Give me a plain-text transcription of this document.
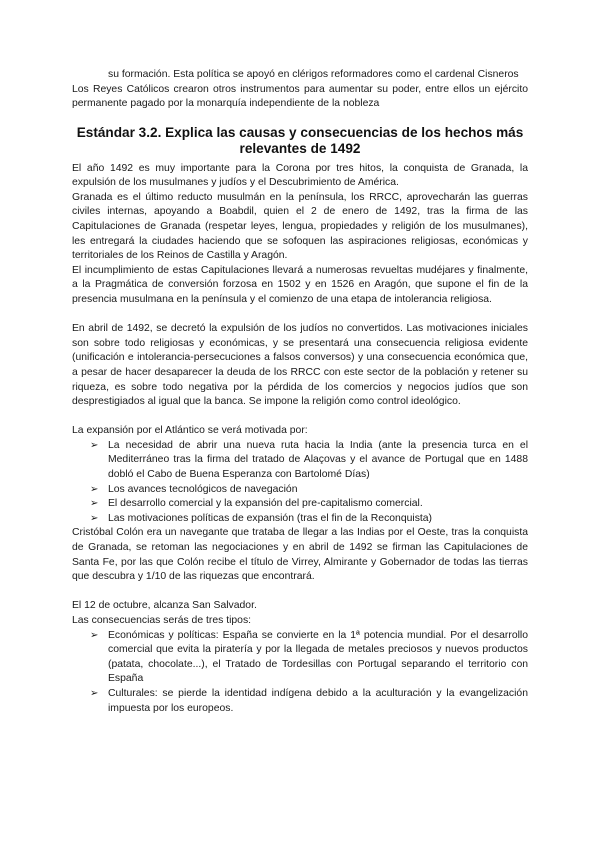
su formación. Esta política se apoyó en clérigos reformadores como el cardenal Cisneros

Los Reyes Católicos crearon otros instrumentos para aumentar su poder, entre ellos un ejército permanente pagado por la monarquía independiente de la nobleza

Estándar 3.2. Explica las causas y consecuencias de los hechos más relevantes de 1492

El año 1492 es muy importante para la Corona por tres hitos, la conquista de Granada, la expulsión de los musulmanes y judíos y el Descubrimiento de América.

Granada es el último reducto musulmán en la península, los RRCC, aprovecharán las guerras civiles internas, apoyando a Boabdil, quien el 2 de enero de 1492, tras la firma de las Capitulaciones de Granada (respetar leyes, lengua, propiedades y religión de los musulmanes), les entregará la ciudades haciendo que se sofoquen las aspiraciones religiosas, económicas y territoriales de los Reinos de Castilla y Aragón.

El incumplimiento de estas Capitulaciones llevará a numerosas revueltas mudéjares y finalmente, a la Pragmática de conversión forzosa en 1502 y en 1526 en Aragón, que supone el fin de la presencia musulmana en la península y el comienzo de una etapa de intolerancia religiosa.

En abril de 1492, se decretó la expulsión de los judíos no convertidos. Las motivaciones iniciales son sobre todo religiosas y económicas, y se presentará una consecuencia religiosa evidente (unificación e intolerancia-persecuciones a falsos conversos) y una consecuencia económica que, a pesar de hacer desaparecer la deuda de los RRCC con este sector de la población y retener su riqueza, es sobre todo negativa por la pérdida de los comercios y negocios judíos que son desprestigiados al igual que la banca. Se impone la religión como control ideológico.

La expansión por el Atlántico se verá motivada por:

➢ La necesidad de abrir una nueva ruta hacia la India (ante la presencia turca en el Mediterráneo tras la firma del tratado de Alaçovas y el avance de Portugal que en 1488 dobló el Cabo de Buena Esperanza con Bartolomé Días)
➢ Los avances tecnológicos de navegación
➢ El desarrollo comercial y la expansión del pre-capitalismo comercial.
➢ Las motivaciones políticas de expansión (tras el fin de la Reconquista)

Cristóbal Colón era un navegante que trataba de llegar a las Indias por el Oeste, tras la conquista de Granada, se retoman las negociaciones y en abril de 1492 se firman las Capitulaciones de Santa Fe, por las que Colón recibe el título de Virrey, Almirante y Gobernador de todas las tierras que descubra y 1/10 de las riquezas que encontrará.

El 12 de octubre, alcanza San Salvador.

Las consecuencias serás de tres tipos:

➢ Económicas y políticas: España se convierte en la 1ª potencia mundial. Por el desarrollo comercial que evita la piratería y por la llegada de metales preciosos y nuevos productos (patata, chocolate...), el Tratado de Tordesillas con Portugal separando el territorio con España
➢ Culturales: se pierde la identidad indígena debido a la aculturación y la evangelización impuesta por los europeos.
